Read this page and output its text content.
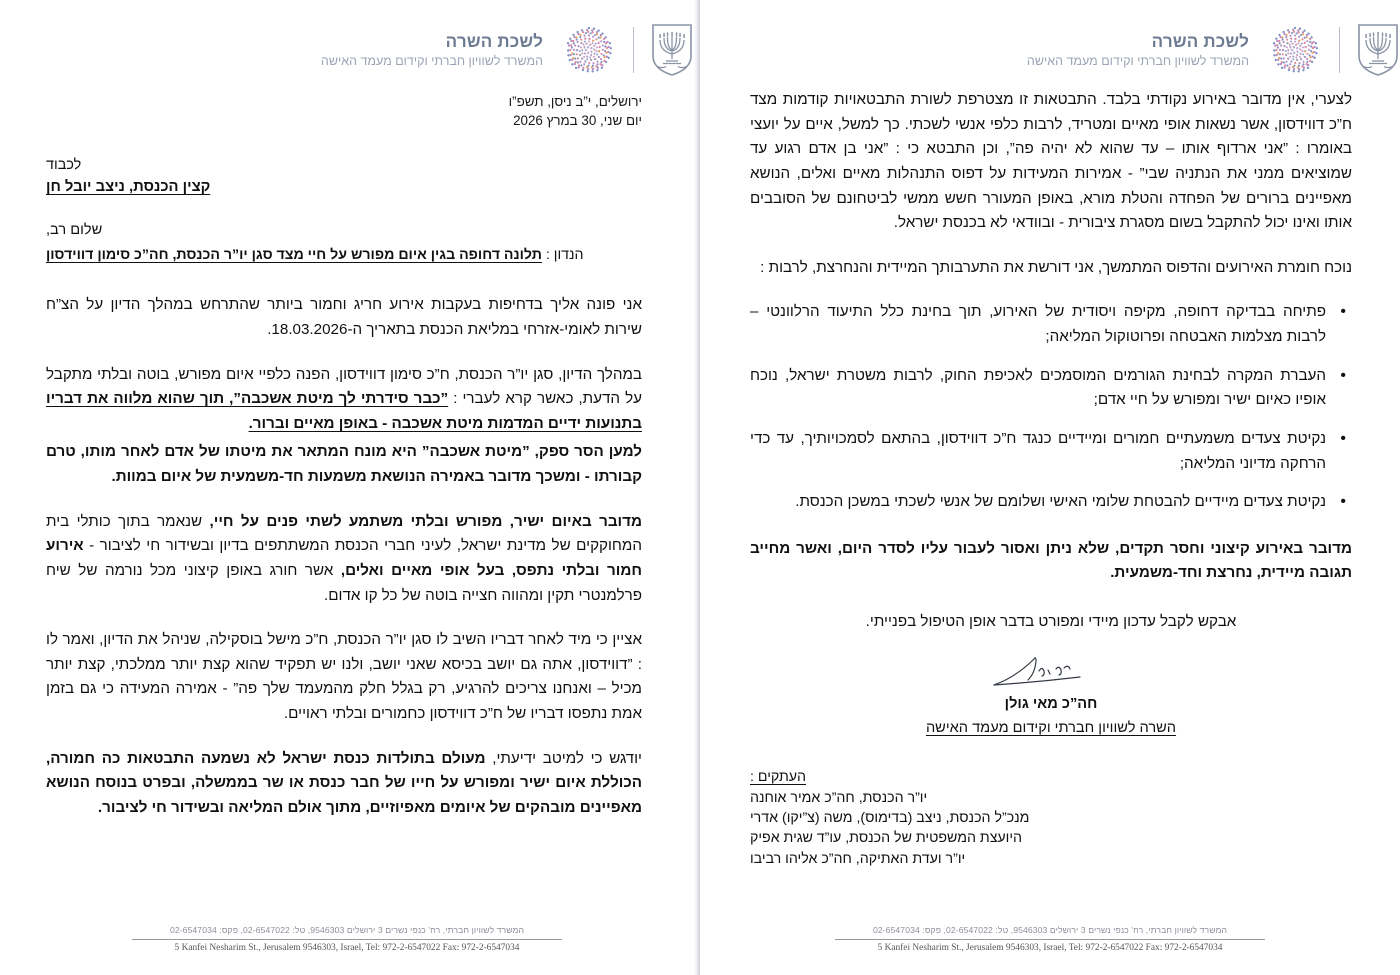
לשכת השרה
המשרד לשוויון חברתי וקידום מעמד האישה

לצערי, אין מדובר באירוע נקודתי בלבד. התבטאות זו מצטרפת לשורת התבטאויות קודמות מצד ח”כ דווידסון, אשר נשאות אופי מאיים ומטריד, לרבות כלפי אנשי לשכתי. כך למשל, איים על יועצי באומרו : ”אני ארדוף אותו – עד שהוא לא יהיה פה”, וכן התבטא כי : ”אני בן אדם רגוע עד שמוציאים ממני את הנתניה שבי” - אמירות המעידות על דפוס התנהלות מאיים ואלים, הנושא מאפיינים ברורים של הפחדה והטלת מורא, באופן המעורר חשש ממשי לביטחונם של הסובבים אותו ואינו יכול להתקבל בשום מסגרת ציבורית - ובוודאי לא בכנסת ישראל.

נוכח חומרת האירועים והדפוס המתמשך, אני דורשת את התערבותך המיידית והנחרצת, לרבות :

• פתיחה בבדיקה דחופה, מקיפה ויסודית של האירוע, תוך בחינת כלל התיעוד הרלוונטי – לרבות מצלמות האבטחה ופרוטוקול המליאה;
• העברת המקרה לבחינת הגורמים המוסמכים לאכיפת החוק, לרבות משטרת ישראל, נוכח אופיו כאיום ישיר ומפורש על חיי אדם;
• נקיטת צעדים משמעתיים חמורים ומיידיים כנגד ח”כ דווידסון, בהתאם לסמכויותיך, עד כדי הרחקה מדיוני המליאה;
• נקיטת צעדים מיידיים להבטחת שלומי האישי ושלומם של אנשי לשכתי במשכן הכנסת.

מדובר באירוע קיצוני וחסר תקדים, שלא ניתן ואסור לעבור עליו לסדר היום, ואשר מחייב תגובה מיידית, נחרצת וחד-משמעית.

אבקש לקבל עדכון מיידי ומפורט בדבר אופן הטיפול בפנייתי.

חה”כ מאי גולן
השרה לשוויון חברתי וקידום מעמד האישה
העתקים :
יו”ר הכנסת, חה”כ אמיר אוחנה
מנכ”ל הכנסת, ניצב (בדימוס), משה (צ”יקו) אדרי
היועצת המשפטית של הכנסת, עו”ד שגית אפיק
יו”ר ועדת האתיקה, חה”כ אליהו רביבו
המשרד לשוויון חברתי, רח' כנפי נשרים 3 ירושלים 9546303, טל: 02-6547022, פקס: 02-6547034
5 Kanfei Nesharim St., Jerusalem 9546303, Israel, Tel: 972-2-6547022 Fax: 972-2-6547034
לשכת השרה
המשרד לשוויון חברתי וקידום מעמד האישה
ירושלים, י”ב ניסן, תשפ”ו
יום שני, 30 במרץ 2026
לכבוד
קצין הכנסת, ניצב יובל חן
שלום רב,
הנדון : תלונה דחופה בגין איום מפורש על חיי מצד סגן יו”ר הכנסת, חה”כ סימון דווידסון

אני פונה אליך בדחיפות בעקבות אירוע חריג וחמור ביותר שהתרחש במהלך הדיון על הצ”ח שירות לאומי-אזרחי במליאת הכנסת בתאריך ה-18.03.2026.

במהלך הדיון, סגן יו”ר הכנסת, ח”כ סימון דווידסון, הפנה כלפיי איום מפורש, בוטה ובלתי מתקבל על הדעת, כאשר קרא לעברי : ”כבר סידרתי לך מיטת אשכבה”, תוך שהוא מלווה את דבריו בתנועות ידיים המדמות מיטת אשכבה - באופן מאיים וברור.

למען הסר ספק, ”מיטת אשכבה” היא מונח המתאר את מיטתו של אדם לאחר מותו, טרם קבורתו - ומשכך מדובר באמירה הנושאת משמעות חד-משמעית של איום במוות.

מדובר באיום ישיר, מפורש ובלתי משתמע לשתי פנים על חיי, שנאמר בתוך כותלי בית המחוקקים של מדינת ישראל, לעיני חברי הכנסת המשתתפים בדיון ובשידור חי לציבור - אירוע חמור ובלתי נתפס, בעל אופי מאיים ואלים, אשר חורג באופן קיצוני מכל נורמה של שיח פרלמנטרי תקין ומהווה חצייה בוטה של כל קו אדום.

אציין כי מיד לאחר דבריו השיב לו סגן יו”ר הכנסת, ח”כ מישל בוסקילה, שניהל את הדיון, ואמר לו : ”דווידסון, אתה גם יושב בכיסא שאני יושב, ולנו יש תפקיד שהוא קצת יותר ממלכתי, קצת יותר מכיל – ואנחנו צריכים להרגיע, רק בגלל חלק מהמעמד שלך פה” - אמירה המעידה כי גם בזמן אמת נתפסו דבריו של ח”כ דווידסון כחמורים ובלתי ראויים.

יודגש כי למיטב ידיעתי, מעולם בתולדות כנסת ישראל לא נשמעה התבטאות כה חמורה, הכוללת איום ישיר ומפורש על חייו של חבר כנסת או שר בממשלה, ובפרט בנוסח הנושא מאפיינים מובהקים של איומים מאפיוזיים, מתוך אולם המליאה ובשידור חי לציבור.

המשרד לשוויון חברתי, רח' כנפי נשרים 3 ירושלים 9546303, טל: 02-6547022, פקס: 02-6547034
5 Kanfei Nesharim St., Jerusalem 9546303, Israel, Tel: 972-2-6547022 Fax: 972-2-6547034
